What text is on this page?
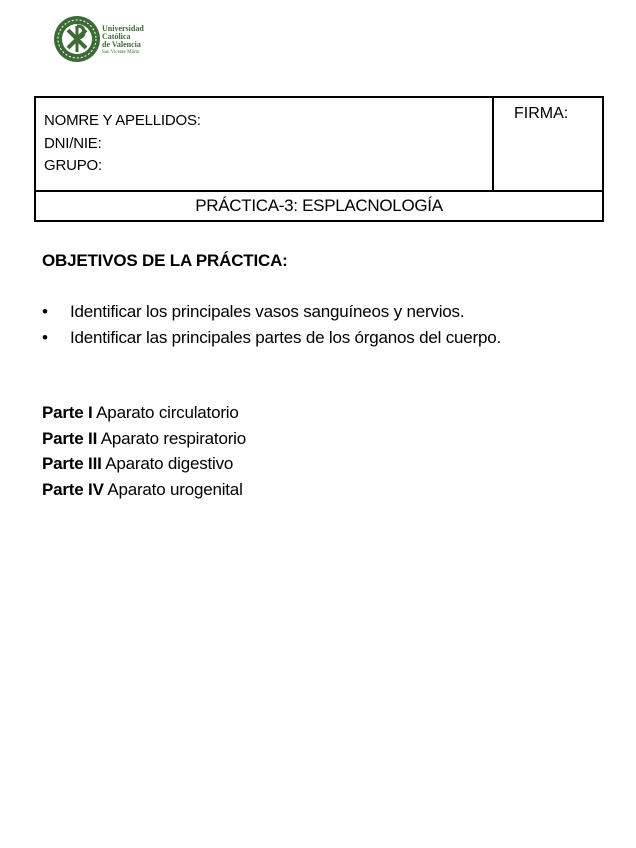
Universidad
Católica
de Valencia
San Vicente Mártir
NOMRE Y APELLIDOS:
DNI/NIE:
GRUPO:
FIRMA:
PRÁCTICA-3: ESPLACNOLOGÍA
OBJETIVOS DE LA PRÁCTICA:
• Identificar los principales vasos sanguíneos y nervios.
• Identificar las principales partes de los órganos del cuerpo.
Parte I Aparato circulatorio
Parte II Aparato respiratorio
Parte III Aparato digestivo
Parte IV Aparato urogenital
